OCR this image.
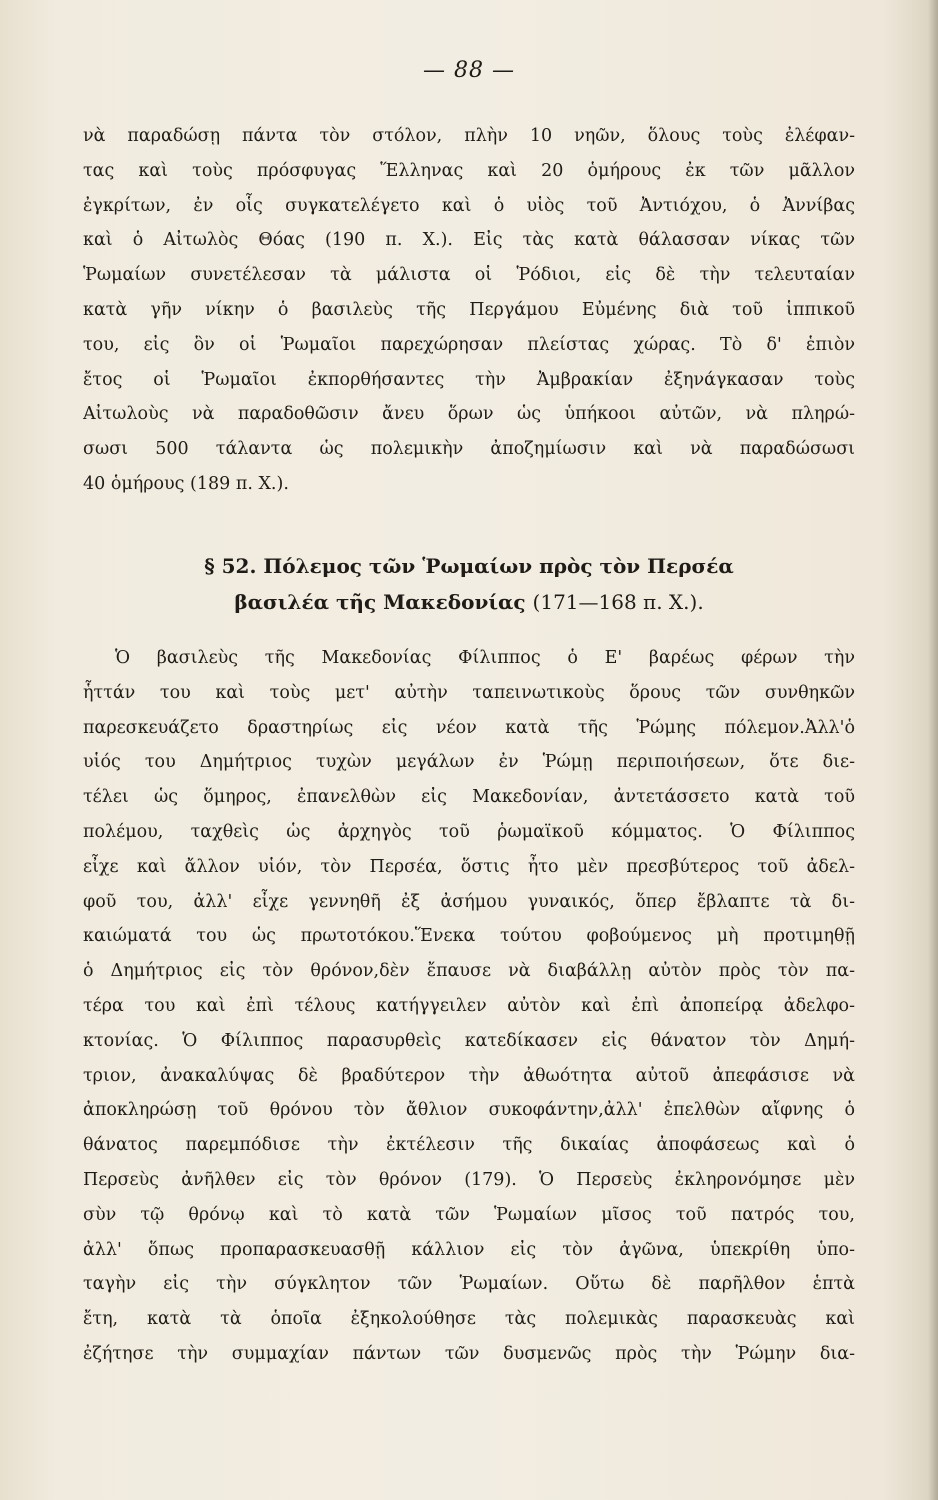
— 88 —
νὰ παραδώσῃ πάντα τὸν στόλον, πλὴν 10 νηῶν, ὅλους τοὺς ἐλέφαν-
τας καὶ τοὺς πρόσφυγας Ἕλληνας καὶ 20 ὁμήρους ἐκ τῶν μᾶλλον
ἐγκρίτων, ἐν οἷς συγκατελέγετο καὶ ὁ υἱὸς τοῦ Ἀντιόχου, ὁ Ἀννίβας
καὶ ὁ Αἰτωλὸς Θόας (190 π. Χ.). Εἰς τὰς κατὰ θάλασσαν νίκας τῶν
Ῥωμαίων συνετέλεσαν τὰ μάλιστα οἱ Ῥόδιοι, εἰς δὲ τὴν τελευταίαν
κατὰ γῆν νίκην ὁ βασιλεὺς τῆς Περγάμου Εὐμένης διὰ τοῦ ἱππικοῦ
του, εἰς ὃν οἱ Ῥωμαῖοι παρεχώρησαν πλείστας χώρας. Τὸ δ' ἑπιὸν
ἔτος οἱ Ῥωμαῖοι ἐκπορθήσαντες τὴν Ἀμβρακίαν ἐξηνάγκασαν τοὺς
Αἰτωλοὺς νὰ παραδοθῶσιν ἄνευ ὅρων ὡς ὑπήκοοι αὐτῶν, νὰ πληρώ-
σωσι 500 τάλαντα ὡς πολεμικὴν ἀποζημίωσιν καὶ νὰ παραδώσωσι
40 ὁμήρους (189 π. Χ.).
§ 52. Πόλεμος τῶν Ῥωμαίων πρὸς τὸν Περσέα
βασιλέα τῆς Μακεδονίας (171—168 π. Χ.).
Ὁ βασιλεὺς τῆς Μακεδονίας Φίλιππος ὁ Ε' βαρέως φέρων τὴν
ἧττάν του καὶ τοὺς μετ' αὐτὴν ταπεινωτικοὺς ὅρους τῶν συνθηκῶν
παρεσκευάζετο δραστηρίως εἰς νέον κατὰ τῆς Ῥώμης πόλεμον.Ἀλλ'ὁ
υἱός του Δημήτριος τυχὼν μεγάλων ἐν Ῥώμῃ περιποιήσεων, ὅτε διε-
τέλει ὡς ὅμηρος, ἐπανελθὼν εἰς Μακεδονίαν, ἀντετάσσετο κατὰ τοῦ
πολέμου, ταχθεὶς ὡς ἀρχηγὸς τοῦ ῥωμαϊκοῦ κόμματος. Ὁ Φίλιππος
εἶχε καὶ ἄλλον υἱόν, τὸν Περσέα, ὅστις ἦτο μὲν πρεσβύτερος τοῦ ἀδελ-
φοῦ του, ἀλλ' εἶχε γεννηθῆ ἐξ ἀσήμου γυναικός, ὅπερ ἔβλαπτε τὰ δι-
καιώματά του ὡς πρωτοτόκου.Ἕνεκα τούτου φοβούμενος μὴ προτιμηθῇ
ὁ Δημήτριος εἰς τὸν θρόνον,δὲν ἔπαυσε νὰ διαβάλλῃ αὐτὸν πρὸς τὸν πα-
τέρα του καὶ ἐπὶ τέλους κατήγγειλεν αὐτὸν καὶ ἐπὶ ἀποπείρᾳ ἀδελφο-
κτονίας. Ὁ Φίλιππος παρασυρθεὶς κατεδίκασεν εἰς θάνατον τὸν Δημή-
τριον, ἀνακαλύψας δὲ βραδύτερον τὴν ἀθωότητα αὐτοῦ ἀπεφάσισε νὰ
ἀποκληρώσῃ τοῦ θρόνου τὸν ἄθλιον συκοφάντην,ἀλλ' ἐπελθὼν αἴφνης ὁ
θάνατος παρεμπόδισε τὴν ἐκτέλεσιν τῆς δικαίας ἀποφάσεως καὶ ὁ
Περσεὺς ἀνῆλθεν εἰς τὸν θρόνον (179). Ὁ Περσεὺς ἐκληρονόμησε μὲν
σὺν τῷ θρόνῳ καὶ τὸ κατὰ τῶν Ῥωμαίων μῖσος τοῦ πατρός του,
ἀλλ' ὅπως προπαρασκευασθῇ κάλλιον εἰς τὸν ἀγῶνα, ὑπεκρίθη ὑπο-
ταγὴν εἰς τὴν σύγκλητον τῶν Ῥωμαίων. Οὕτω δὲ παρῆλθον ἑπτὰ
ἔτη, κατὰ τὰ ὁποῖα ἐξηκολούθησε τὰς πολεμικὰς παρασκευὰς καὶ
ἐζήτησε τὴν συμμαχίαν πάντων τῶν δυσμενῶς πρὸς τὴν Ῥώμην δια-
